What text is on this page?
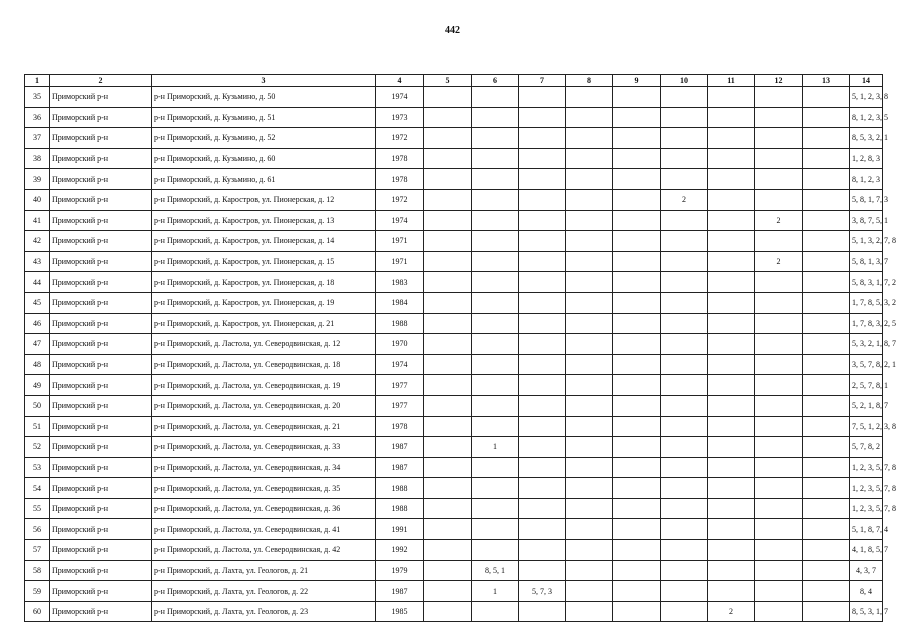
442
1	2	3	4	5	6	7	8	9	10	11	12	13	14
35	Приморский р-н	р-н Приморский, д. Кузьмино, д. 50	1974										5, 1, 2, 3, 8
36	Приморский р-н	р-н Приморский, д. Кузьмино, д. 51	1973										8, 1, 2, 3, 5
37	Приморский р-н	р-н Приморский, д. Кузьмино, д. 52	1972										8, 5, 3, 2, 1
38	Приморский р-н	р-н Приморский, д. Кузьмино, д. 60	1978										1, 2, 8, 3
39	Приморский р-н	р-н Приморский, д. Кузьмино, д. 61	1978										8, 1, 2, 3
40	Приморский р-н	р-н Приморский, д. Каростров, ул. Пионерская, д. 12	1972						2				5, 8, 1, 7, 3
41	Приморский р-н	р-н Приморский, д. Каростров, ул. Пионерская, д. 13	1974								2		3, 8, 7, 5, 1
42	Приморский р-н	р-н Приморский, д. Каростров, ул. Пионерская, д. 14	1971										5, 1, 3, 2, 7, 8
43	Приморский р-н	р-н Приморский, д. Каростров, ул. Пионерская, д. 15	1971								2		5, 8, 1, 3, 7
44	Приморский р-н	р-н Приморский, д. Каростров, ул. Пионерская, д. 18	1983										5, 8, 3, 1, 7, 2
45	Приморский р-н	р-н Приморский, д. Каростров, ул. Пионерская, д. 19	1984										1, 7, 8, 5, 3, 2
46	Приморский р-н	р-н Приморский, д. Каростров, ул. Пионерская, д. 21	1988										1, 7, 8, 3, 2, 5
47	Приморский р-н	р-н Приморский, д. Ластола, ул. Северодвинская, д. 12	1970										5, 3, 2, 1, 8, 7
48	Приморский р-н	р-н Приморский, д. Ластола, ул. Северодвинская, д. 18	1974										3, 5, 7, 8, 2, 1
49	Приморский р-н	р-н Приморский, д. Ластола, ул. Северодвинская, д. 19	1977										2, 5, 7, 8, 1
50	Приморский р-н	р-н Приморский, д. Ластола, ул. Северодвинская, д. 20	1977										5, 2, 1, 8, 7
51	Приморский р-н	р-н Приморский, д. Ластола, ул. Северодвинская, д. 21	1978										7, 5, 1, 2, 3, 8
52	Приморский р-н	р-н Приморский, д. Ластола, ул. Северодвинская, д. 33	1987		1								5, 7, 8, 2
53	Приморский р-н	р-н Приморский, д. Ластола, ул. Северодвинская, д. 34	1987										1, 2, 3, 5, 7, 8
54	Приморский р-н	р-н Приморский, д. Ластола, ул. Северодвинская, д. 35	1988										1, 2, 3, 5, 7, 8
55	Приморский р-н	р-н Приморский, д. Ластола, ул. Северодвинская, д. 36	1988										1, 2, 3, 5, 7, 8
56	Приморский р-н	р-н Приморский, д. Ластола, ул. Северодвинская, д. 41	1991										5, 1, 8, 7, 4
57	Приморский р-н	р-н Приморский, д. Ластола, ул. Северодвинская, д. 42	1992										4, 1, 8, 5, 7
58	Приморский р-н	р-н Приморский, д. Лахта, ул. Геологов, д. 21	1979		8, 5, 1								4, 3, 7
59	Приморский р-н	р-н Приморский, д. Лахта, ул. Геологов, д. 22	1987		1	5, 7, 3							8, 4
60	Приморский р-н	р-н Приморский, д. Лахта, ул. Геологов, д. 23	1985							2			8, 5, 3, 1, 7
